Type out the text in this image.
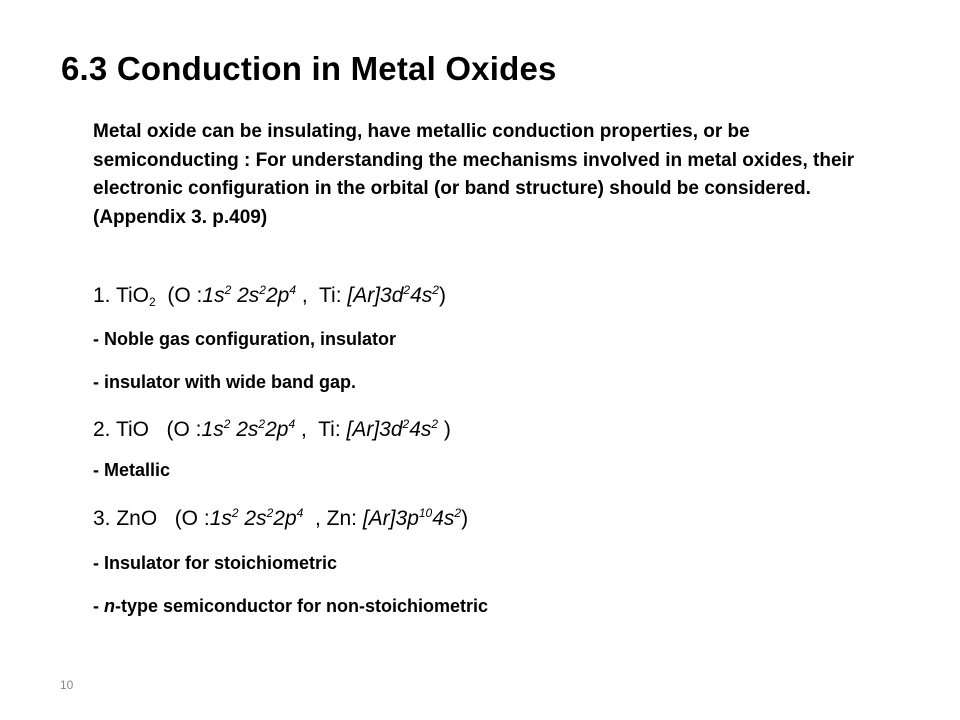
6.3 Conduction in Metal Oxides
Metal oxide can be insulating, have metallic conduction properties, or be semiconducting : For understanding the mechanisms involved in metal oxides, their electronic configuration in the orbital (or band structure) should be considered. (Appendix 3. p.409)
1. TiO$_2$  (O $:1s^2$ $2s^22p^4$ ,  Ti: $[Ar]3d^24s^2$)
- Noble gas configuration, insulator
- insulator with wide band gap.
2. TiO   (O $:1s^2$ $2s^22p^4$ ,  Ti: $[Ar]3d^24s^2$ )
- Metallic
3. ZnO   (O $:1s^2$ $2s^22p^4$  , Zn: $[Ar]3p^{10}4s^2$)
- Insulator for stoichiometric
- n-type semiconductor for non-stoichiometric
10
